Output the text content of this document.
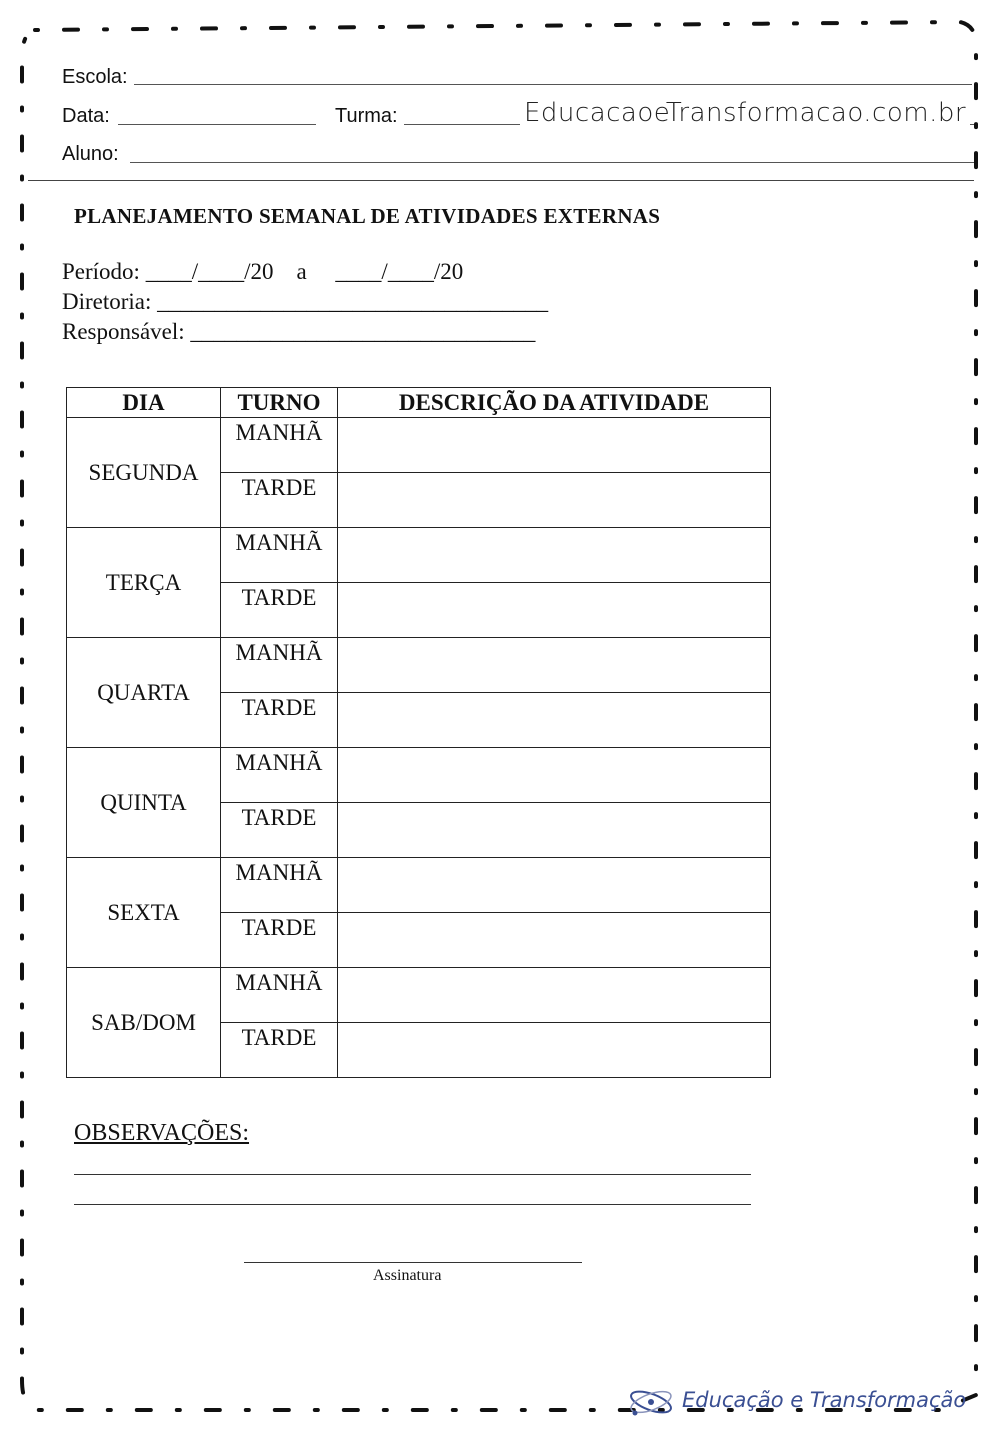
Escola:
Data:	Turma:	EducacaoeTransformacao.com.br
Aluno:
PLANEJAMENTO SEMANAL DE ATIVIDADES EXTERNAS
Período: ____/____/20    a     ____/____/20
Diretoria: __________________________________
Responsável: ______________________________
DIA	TURNO	DESCRIÇÃO DA ATIVIDADE
SEGUNDA	MANHÃ	
	TARDE	
TERÇA	MANHÃ	
	TARDE	
QUARTA	MANHÃ	
	TARDE	
QUINTA	MANHÃ	
	TARDE	
SEXTA	MANHÃ	
	TARDE	
SAB/DOM	MANHÃ	
	TARDE	
OBSERVAÇÕES:
Assinatura
Educação e Transformação
